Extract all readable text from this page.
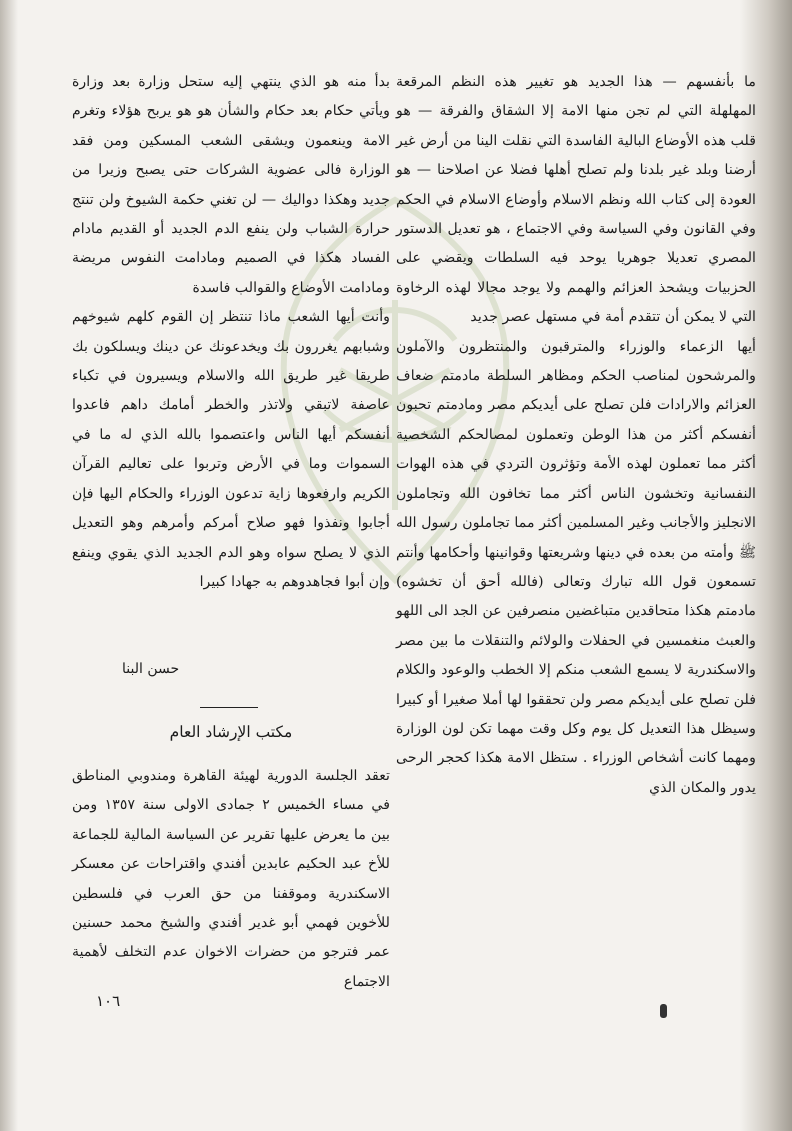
ما بأنفسهم — هذا الجديد هو تغيير هذه النظم المرقعة المهلهلة التي لم تجن منها الامة إلا الشقاق والفرقة — هو قلب هذه الأوضاع البالية الفاسدة التي نقلت الينا من أرض غير أرضنا وبلد غير بلدنا ولم تصلح أهلها فضلا عن اصلاحنا — هو العودة إلى كتاب الله ونظم الاسلام وأوضاع الاسلام في الحكم وفي القانون وفي السياسة وفي الاجتماع ، هو تعديل الدستور المصري تعديلا جوهريا يوحد فيه السلطات ويقضي على الحزبيات ويشحذ العزائم والهمم ولا يوجد مجالا لهذه الرخاوة التي لا يمكن أن تتقدم أمة في مستهل عصر جديد

أيها الزعماء والوزراء والمترقبون والمنتظرون والآملون والمرشحون لمناصب الحكم ومظاهر السلطة مادمتم ضعاف العزائم والارادات فلن تصلح على أيديكم مصر ومادمتم تحبون أنفسكم أكثر من هذا الوطن وتعملون لمصالحكم الشخصية أكثر مما تعملون لهذه الأمة وتؤثرون التردي في هذه الهوات النفسانية وتخشون الناس أكثر مما تخافون الله وتجاملون الانجليز والأجانب وغير المسلمين أكثر مما تجاملون رسول الله ﷺ وأمته من بعده في دينها وشريعتها وقوانينها وأحكامها وأنتم تسمعون قول الله تبارك وتعالى (فالله أحق أن تخشوه) مادمتم هكذا متحاقدين متباغضين منصرفين عن الجد الى اللهو والعبث منغمسين في الحفلات والولائم والتنقلات ما بين مصر والاسكندرية لا يسمع الشعب منكم إلا الخطب والوعود والكلام فلن تصلح على أيديكم مصر ولن تحققوا لها أملا صغيرا أو كبيرا وسيظل هذا التعديل كل يوم وكل وقت مهما تكن لون الوزارة ومهما كانت أشخاص الوزراء . ستظل الامة هكذا كحجر الرحى يدور والمكان الذي

بدأ منه هو الذي ينتهي إليه ستحل وزارة بعد وزارة ويأتي حكام بعد حكام والشأن هو هو يربح هؤلاء وتغرم الامة وينعمون ويشقى الشعب المسكين ومن فقد الوزارة فالى عضوية الشركات حتى يصبح وزيرا من جديد وهكذا دواليك — لن تغني حكمة الشيوخ ولن تنتج حرارة الشباب ولن ينفع الدم الجديد أو القديم مادام الفساد هكذا في الصميم ومادامت النفوس مريضة ومادامت الأوضاع والقوالب فاسدة

وأنت أيها الشعب ماذا تنتظر إن القوم كلهم شيوخهم وشبابهم يغررون بك ويخدعونك عن دينك ويسلكون بك طريقا غير طريق الله والاسلام ويسيرون في تكباء عاصفة لاتبقي ولاتذر والخطر أمامك داهم فاعدوا أنفسكم أيها الناس واعتصموا بالله الذي له ما في السموات وما في الأرض وتربوا على تعاليم القرآن الكريم وارفعوها زاية تدعون الوزراء والحكام اليها فإن أجابوا ونفذوا فهو صلاح أمركم وأمرهم وهو التعديل الذي لا يصلح سواه وهو الدم الجديد الذي يقوي وينفع وإن أبوا فجاهدوهم به جهادا كبيرا

حسن البنا
مكتب الإرشاد العام

تعقد الجلسة الدورية لهيئة القاهرة ومندوبي المناطق في مساء الخميس ٢ جمادى الاولى سنة ١٣٥٧ ومن بين ما يعرض عليها تقرير عن السياسة المالية للجماعة للأخ عبد الحكيم عابدين أفندي واقتراحات عن معسكر الاسكندرية وموقفنا من حق العرب في فلسطين للأخوين فهمي أبو غدير أفندي والشيخ محمد حسنين عمر فترجو من حضرات الاخوان عدم التخلف لأهمية الاجتماع

١٠٦
